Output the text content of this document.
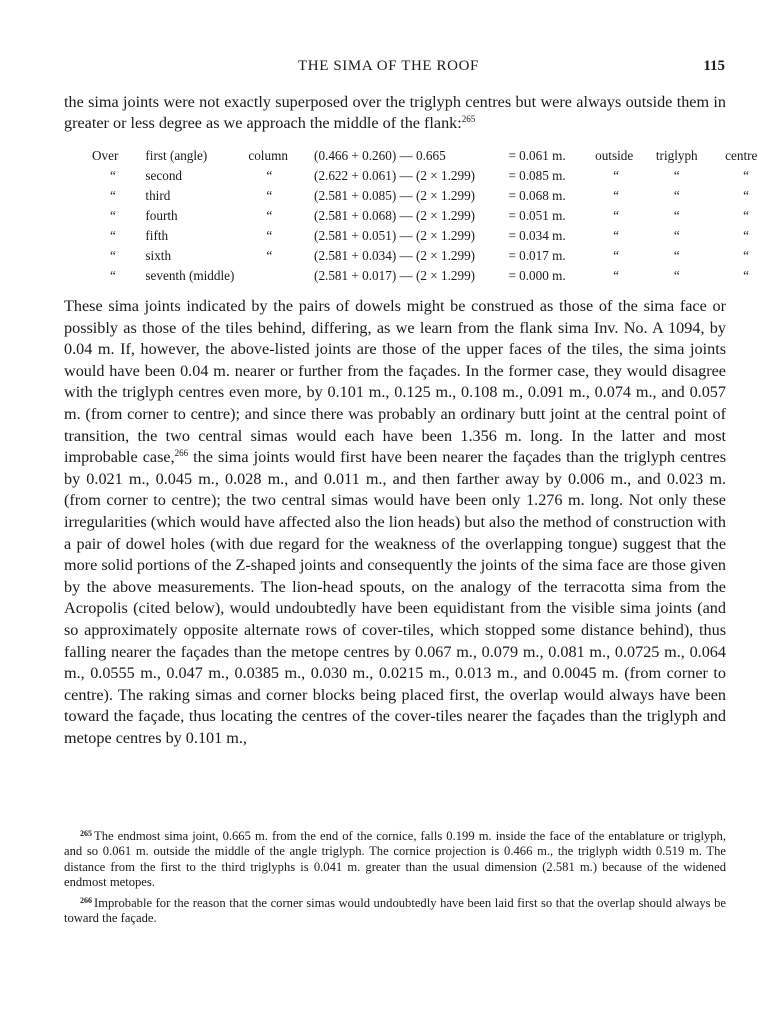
THE SIMA OF THE ROOF	115

the sima joints were not exactly superposed over the triglyph centres but were always outside them in greater or less degree as we approach the middle of the flank:$^{265}$

Over	first (angle)	column	(0.466 + 0.260) — 0.665	= 0.061 m.	outside	triglyph	centre
“	second	“	(2.622 + 0.061) — (2 × 1.299)	= 0.085 m.	“	“	“
“	third	“	(2.581 + 0.085) — (2 × 1.299)	= 0.068 m.	“	“	“
“	fourth	“	(2.581 + 0.068) — (2 × 1.299)	= 0.051 m.	“	“	“
“	fifth	“	(2.581 + 0.051) — (2 × 1.299)	= 0.034 m.	“	“	“
“	sixth	“	(2.581 + 0.034) — (2 × 1.299)	= 0.017 m.	“	“	“
“	seventh (middle)		(2.581 + 0.017) — (2 × 1.299)	= 0.000 m.	“	“	“

These sima joints indicated by the pairs of dowels might be construed as those of the sima face or possibly as those of the tiles behind, differing, as we learn from the flank sima Inv. No. A 1094, by 0.04 m. If, however, the above-listed joints are those of the upper faces of the tiles, the sima joints would have been 0.04 m. nearer or further from the façades. In the former case, they would disagree with the triglyph centres even more, by 0.101 m., 0.125 m., 0.108 m., 0.091 m., 0.074 m., and 0.057 m. (from corner to centre); and since there was probably an ordinary butt joint at the central point of transition, the two central simas would each have been 1.356 m. long. In the latter and most improbable case,$^{266}$ the sima joints would first have been nearer the façades than the triglyph centres by 0.021 m., 0.045 m., 0.028 m., and 0.011 m., and then farther away by 0.006 m., and 0.023 m. (from corner to centre); the two central simas would have been only 1.276 m. long. Not only these irregularities (which would have affected also the lion heads) but also the method of construction with a pair of dowel holes (with due regard for the weakness of the overlapping tongue) suggest that the more solid portions of the Z-shaped joints and consequently the joints of the sima face are those given by the above measurements. The lion-head spouts, on the analogy of the terracotta sima from the Acropolis (cited below), would undoubtedly have been equidistant from the visible sima joints (and so approximately opposite alternate rows of cover-tiles, which stopped some distance behind), thus falling nearer the façades than the metope centres by 0.067 m., 0.079 m., 0.081 m., 0.0725 m., 0.064 m., 0.0555 m., 0.047 m., 0.0385 m., 0.030 m., 0.0215 m., 0.013 m., and 0.0045 m. (from corner to centre). The raking simas and corner blocks being placed first, the overlap would always have been toward the façade, thus locating the centres of the cover-tiles nearer the façades than the triglyph and metope centres by 0.101 m.,

$^{265}$ The endmost sima joint, 0.665 m. from the end of the cornice, falls 0.199 m. inside the face of the entablature or triglyph, and so 0.061 m. outside the middle of the angle triglyph. The cornice projection is 0.466 m., the triglyph width 0.519 m. The distance from the first to the third triglyphs is 0.041 m. greater than the usual dimension (2.581 m.) because of the widened endmost metopes.

$^{266}$ Improbable for the reason that the corner simas would undoubtedly have been laid first so that the overlap should always be toward the façade.
